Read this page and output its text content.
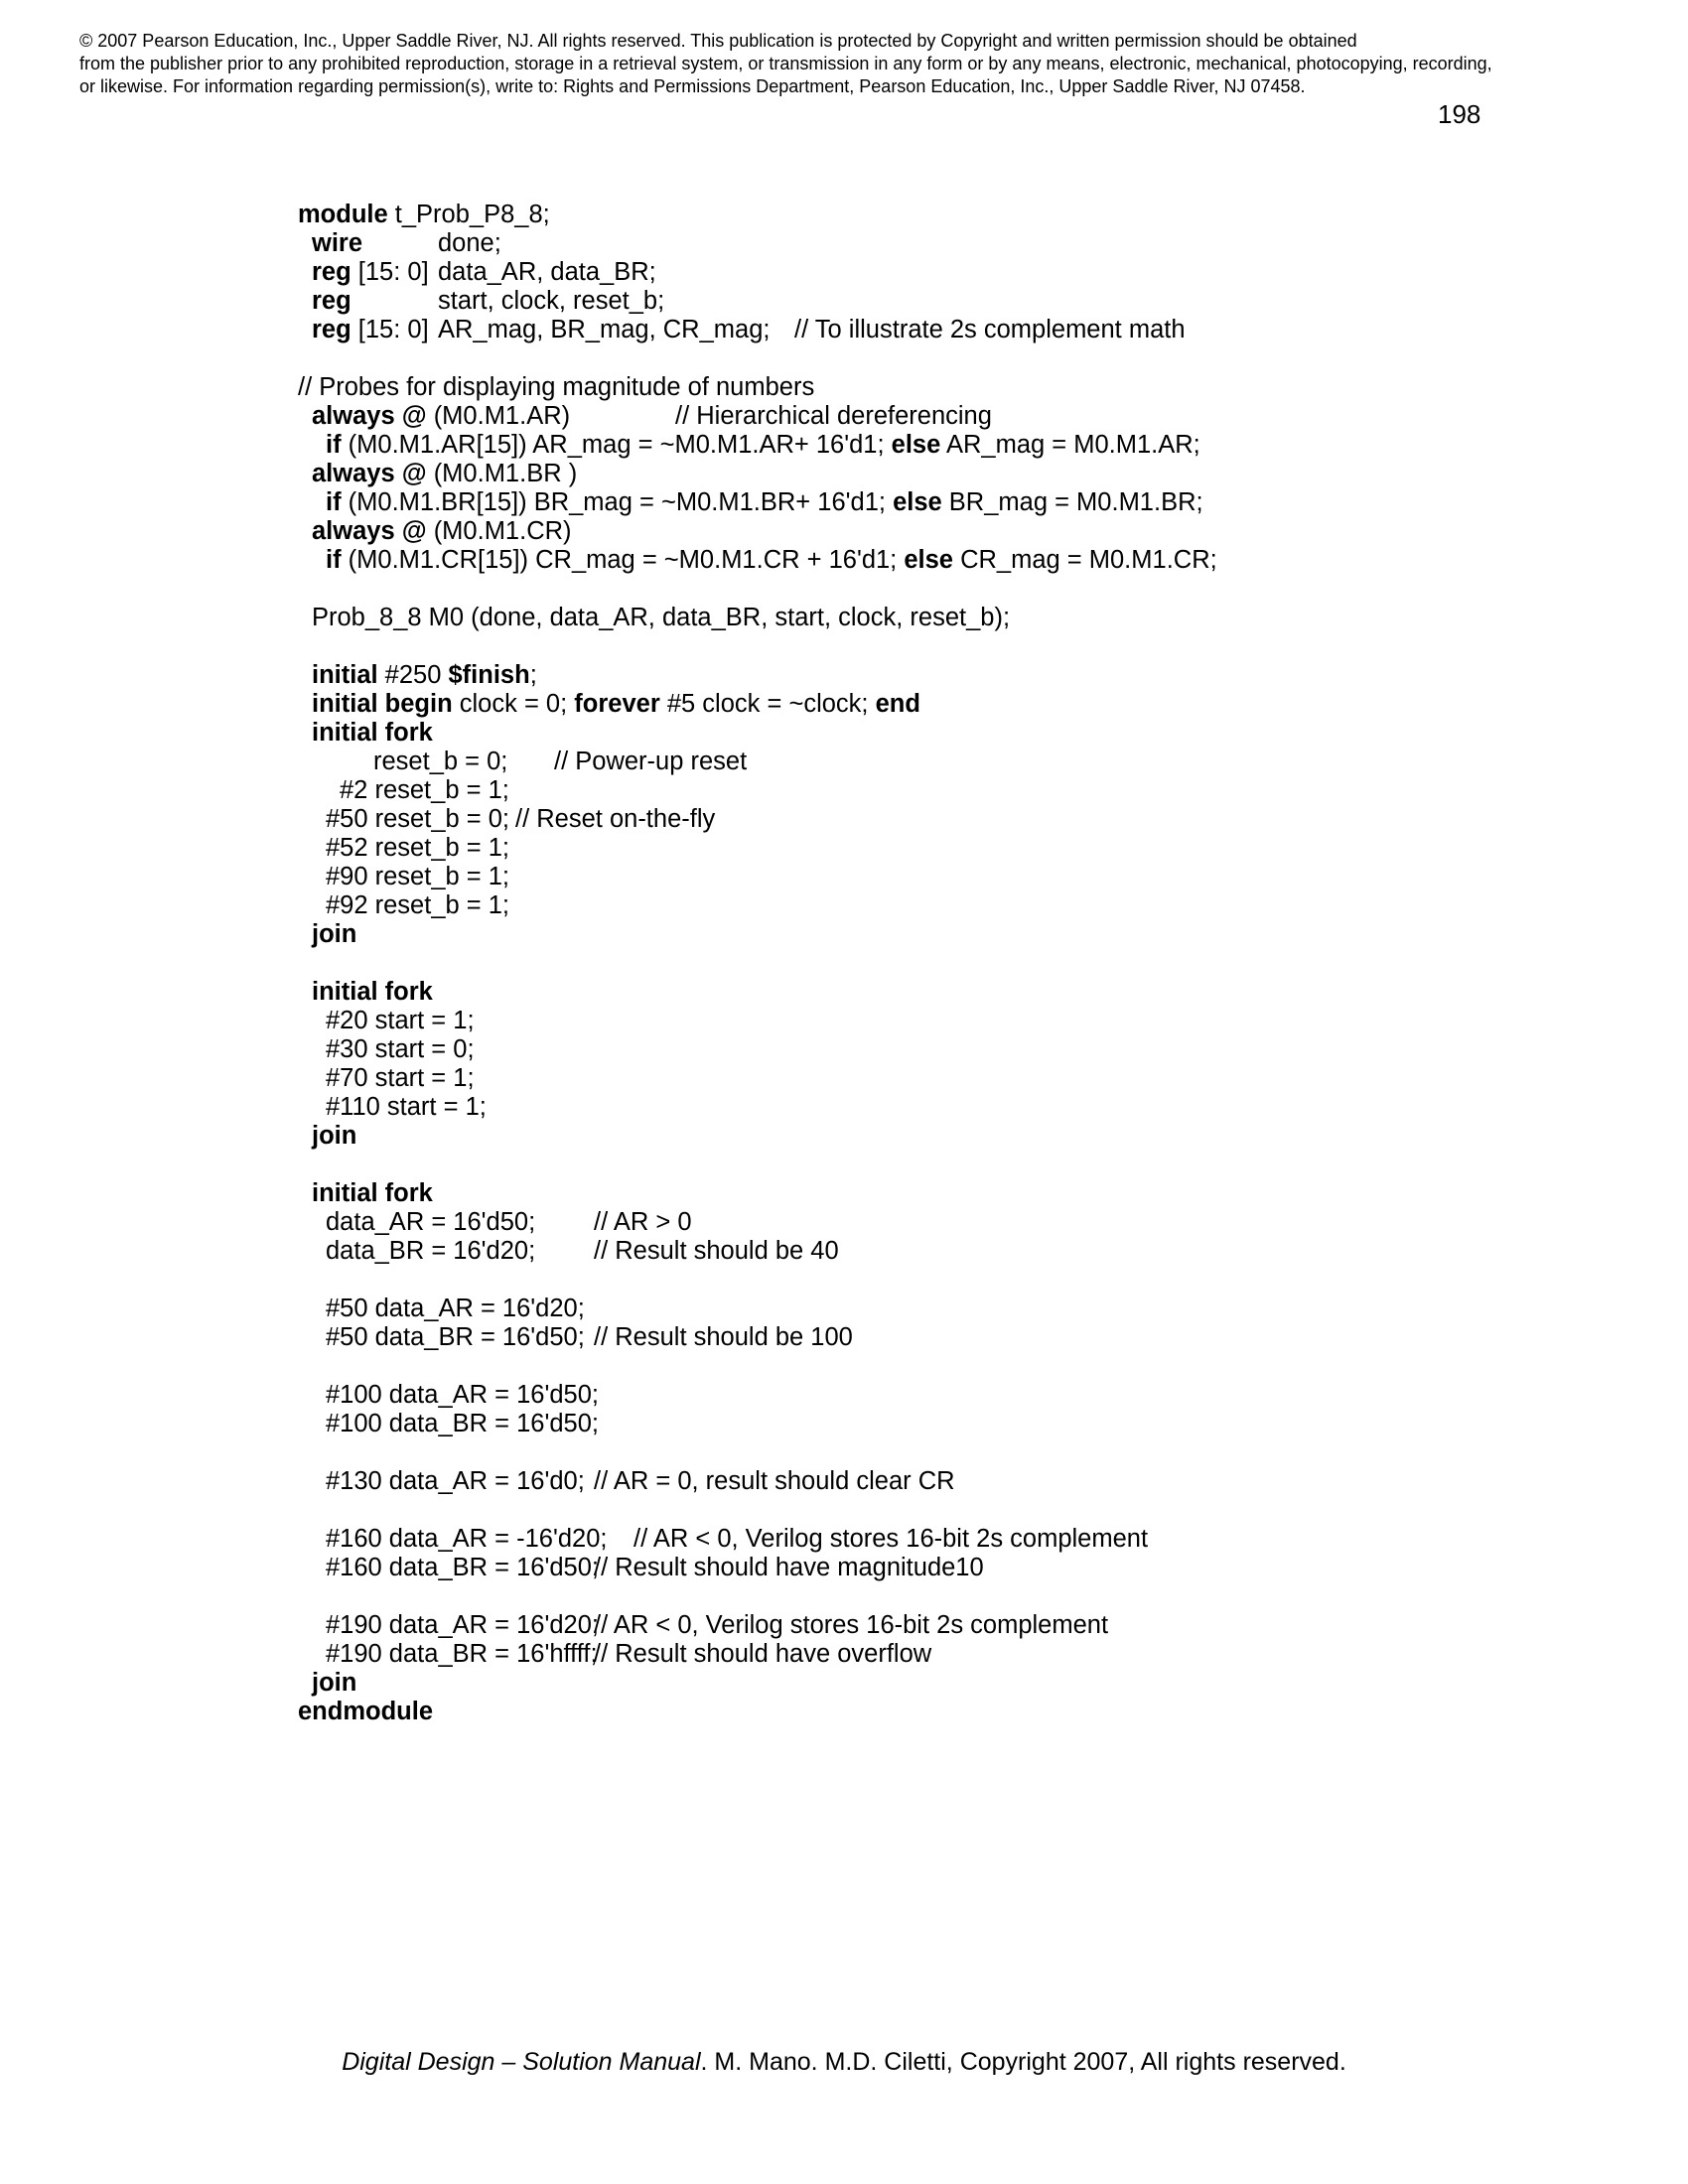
© 2007 Pearson Education, Inc., Upper Saddle River, NJ. All rights reserved. This publication is protected by Copyright and written permission should be obtained
from the publisher prior to any prohibited reproduction, storage in a retrieval system, or transmission in any form or by any means, electronic, mechanical, photocopying, recording,
or likewise. For information regarding permission(s), write to: Rights and Permissions Department, Pearson Education, Inc., Upper Saddle River, NJ 07458.
198
module t_Prob_P8_8;
wire	done;
reg [15: 0] data_AR, data_BR;
reg	start, clock, reset_b;
reg [15: 0] AR_mag, BR_mag, CR_mag; // To illustrate 2s complement math
// Probes for displaying magnitude of numbers
always @ (M0.M1.AR)	// Hierarchical dereferencing
if (M0.M1.AR[15]) AR_mag = ~M0.M1.AR+ 16'd1; else AR_mag = M0.M1.AR;
always @ (M0.M1.BR )
if (M0.M1.BR[15]) BR_mag = ~M0.M1.BR+ 16'd1; else BR_mag = M0.M1.BR;
always @ (M0.M1.CR)
if (M0.M1.CR[15]) CR_mag = ~M0.M1.CR + 16'd1; else CR_mag = M0.M1.CR;
Prob_8_8 M0 (done, data_AR, data_BR, start, clock, reset_b);
initial #250 $finish ;
initial begin clock = 0; forever #5 clock = ~clock; end
initial fork
reset_b = 0; // Power-up reset
#2 reset_b = 1;
#50 reset_b = 0; // Reset on-the-fly
#52 reset_b = 1;
#90 reset_b = 1;
#92 reset_b = 1;
join
initial fork
#20 start = 1;
#30 start = 0;
#70 start = 1;
#110 start = 1;
join
initial fork
data_AR = 16'd50; // AR > 0
data_BR = 16'd20; // Result should be 40
#50 data_AR = 16'd20;
#50 data_BR = 16'd50; // Result should be 100
#100 data_AR = 16'd50;
#100 data_BR = 16'd50;
#130 data_AR = 16'd0; // AR = 0, result should clear CR
#160 data_AR = -16'd20; // AR < 0, Verilog stores 16-bit 2s complement
#160 data_BR = 16'd50;
// Result should have magnitude10
#190 data_AR = 16'd20;
// AR < 0, Verilog stores 16-bit 2s complement
#190 data_BR = 16'hffff;
// Result should have overflow
join
endmodule
Digital Design – Solution Manual. M. Mano. M.D. Ciletti, Copyright 2007, All rights reserved.
